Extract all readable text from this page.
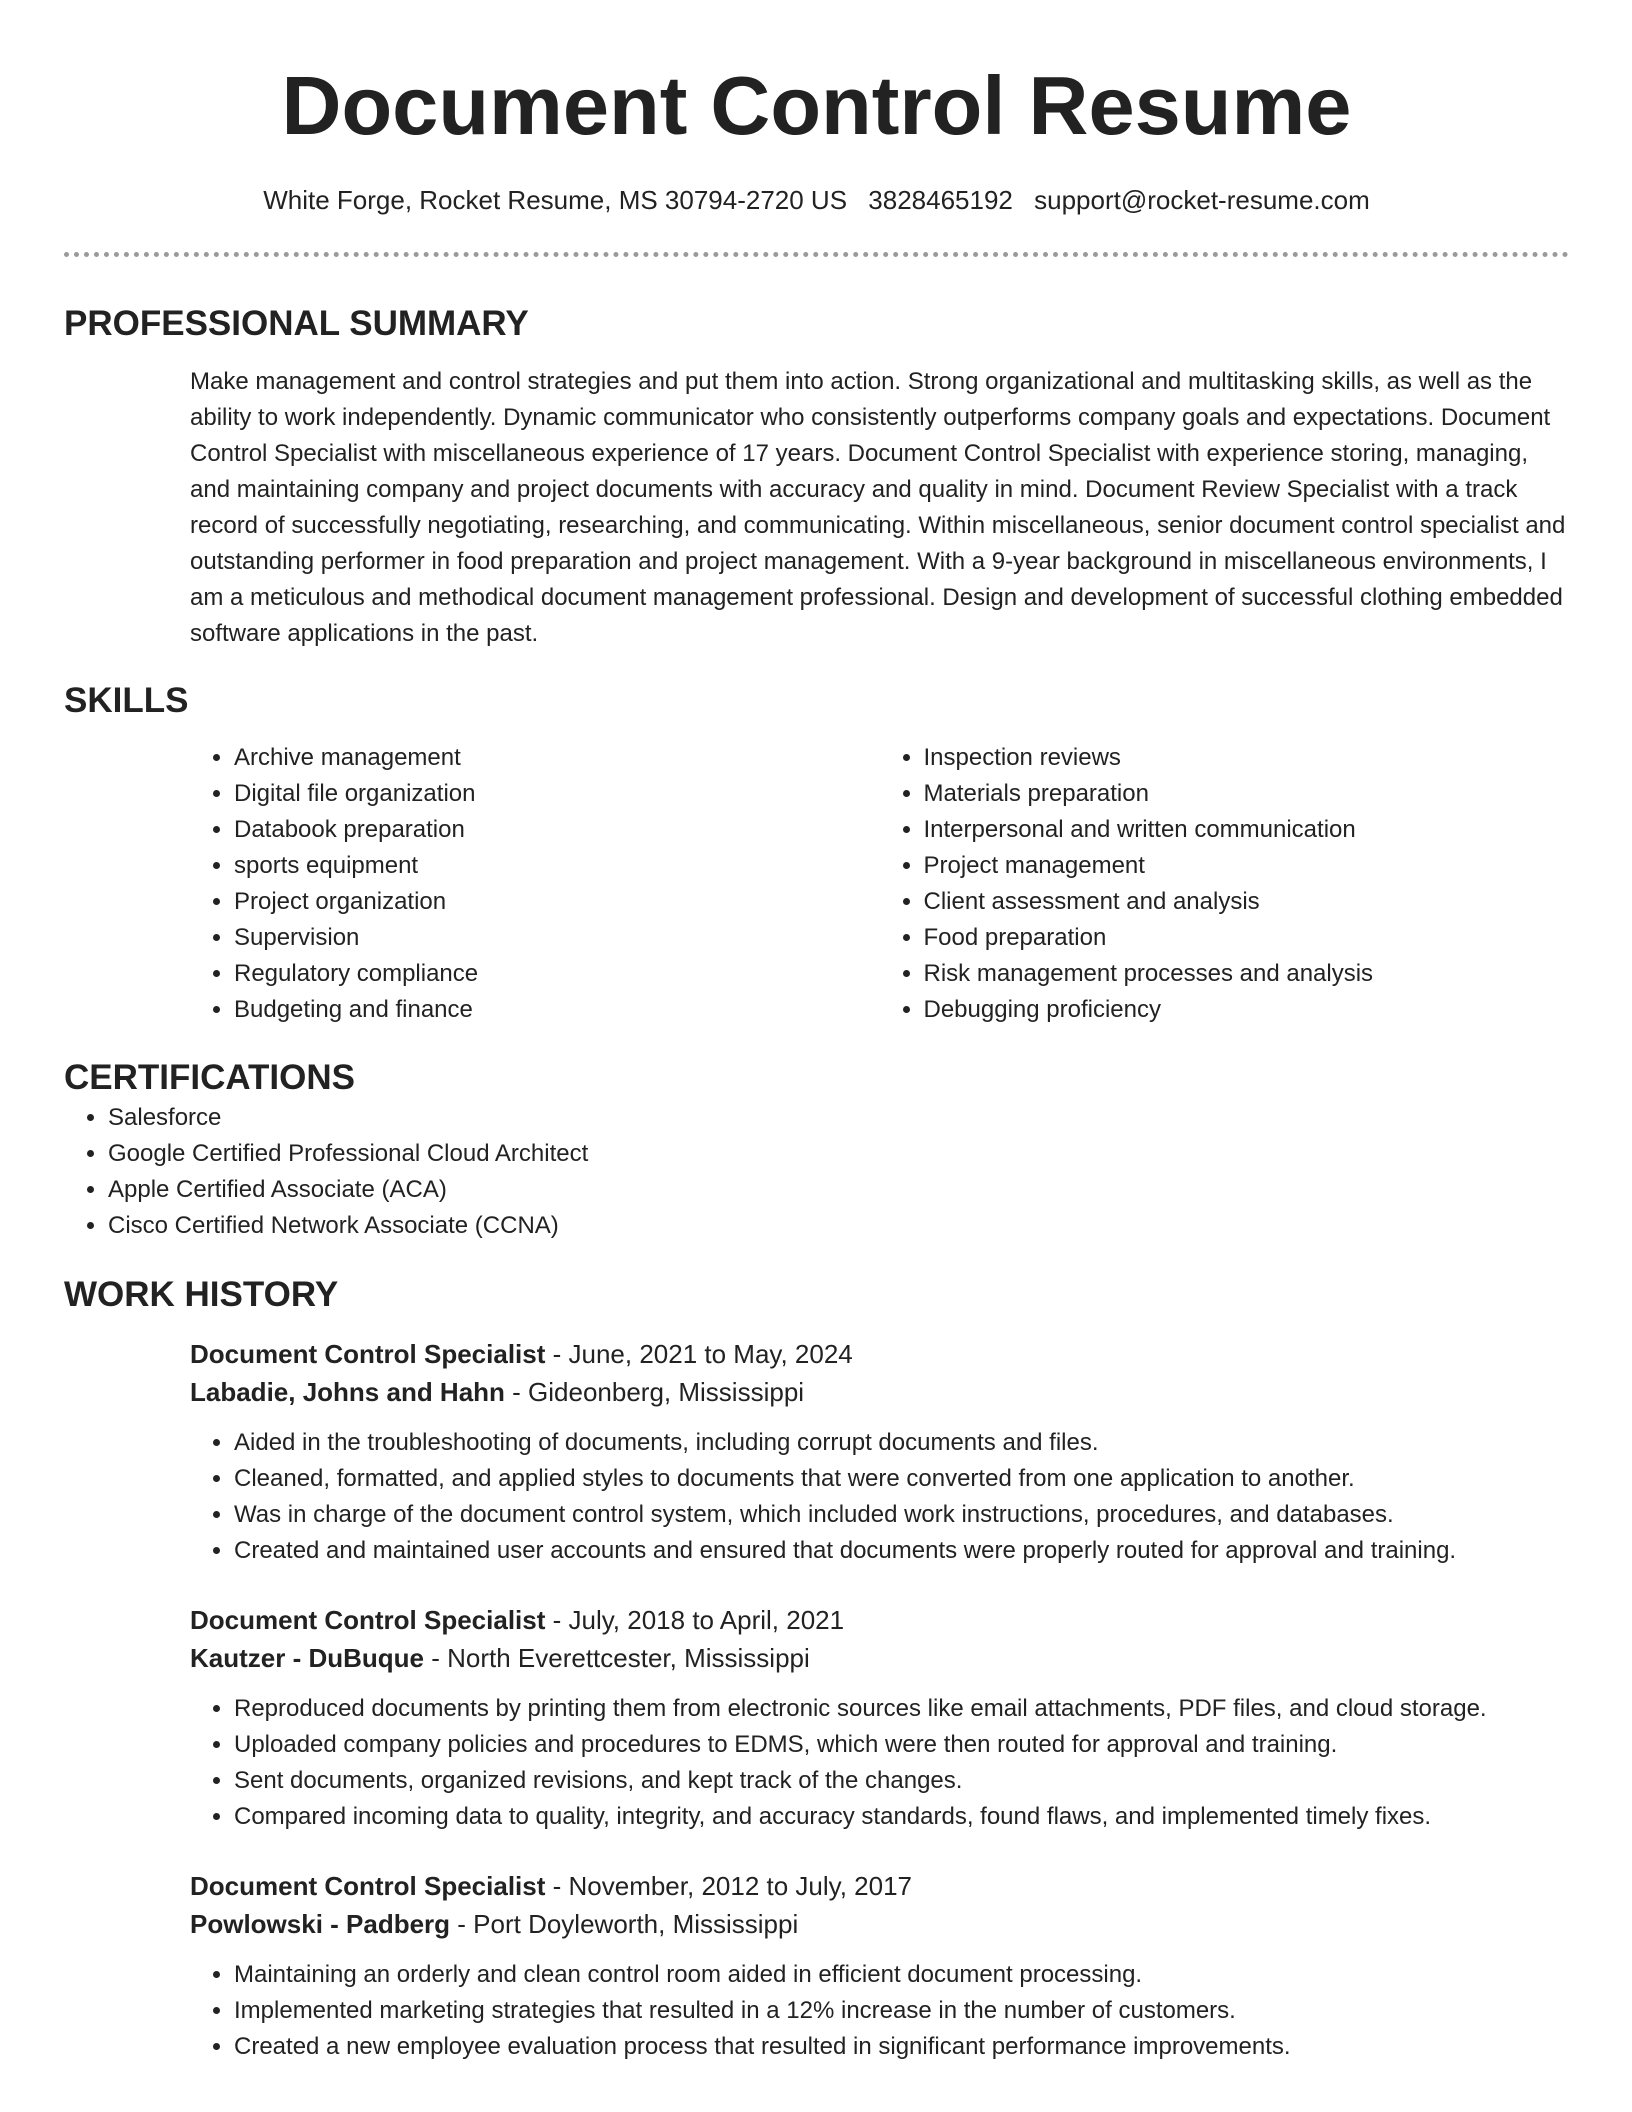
Document Control Resume
White Forge, Rocket Resume, MS 30794-2720 US 3828465192 support@rocket-resume.com
PROFESSIONAL SUMMARY

Make management and control strategies and put them into action. Strong organizational and multitasking skills, as well as the ability to work independently. Dynamic communicator who consistently outperforms company goals and expectations. Document Control Specialist with miscellaneous experience of 17 years. Document Control Specialist with experience storing, managing, and maintaining company and project documents with accuracy and quality in mind. Document Review Specialist with a track record of successfully negotiating, researching, and communicating. Within miscellaneous, senior document control specialist and outstanding performer in food preparation and project management. With a 9-year background in miscellaneous environments, I am a meticulous and methodical document management professional. Design and development of successful clothing embedded software applications in the past.

SKILLS
• Archive management
• Digital file organization
• Databook preparation
• sports equipment
• Project organization
• Supervision
• Regulatory compliance
• Budgeting and finance
• Inspection reviews
• Materials preparation
• Interpersonal and written communication
• Project management
• Client assessment and analysis
• Food preparation
• Risk management processes and analysis
• Debugging proficiency
CERTIFICATIONS
• Salesforce
• Google Certified Professional Cloud Architect
• Apple Certified Associate (ACA)
• Cisco Certified Network Associate (CCNA)
WORK HISTORY
Document Control Specialist - June, 2021 to May, 2024
Labadie, Johns and Hahn - Gideonberg, Mississippi
• Aided in the troubleshooting of documents, including corrupt documents and files.
• Cleaned, formatted, and applied styles to documents that were converted from one application to another.
• Was in charge of the document control system, which included work instructions, procedures, and databases.
• Created and maintained user accounts and ensured that documents were properly routed for approval and training.
Document Control Specialist - July, 2018 to April, 2021
Kautzer - DuBuque - North Everettcester, Mississippi
• Reproduced documents by printing them from electronic sources like email attachments, PDF files, and cloud storage.
• Uploaded company policies and procedures to EDMS, which were then routed for approval and training.
• Sent documents, organized revisions, and kept track of the changes.
• Compared incoming data to quality, integrity, and accuracy standards, found flaws, and implemented timely fixes.
Document Control Specialist - November, 2012 to July, 2017
Powlowski - Padberg - Port Doyleworth, Mississippi
• Maintaining an orderly and clean control room aided in efficient document processing.
• Implemented marketing strategies that resulted in a 12% increase in the number of customers.
• Created a new employee evaluation process that resulted in significant performance improvements.
